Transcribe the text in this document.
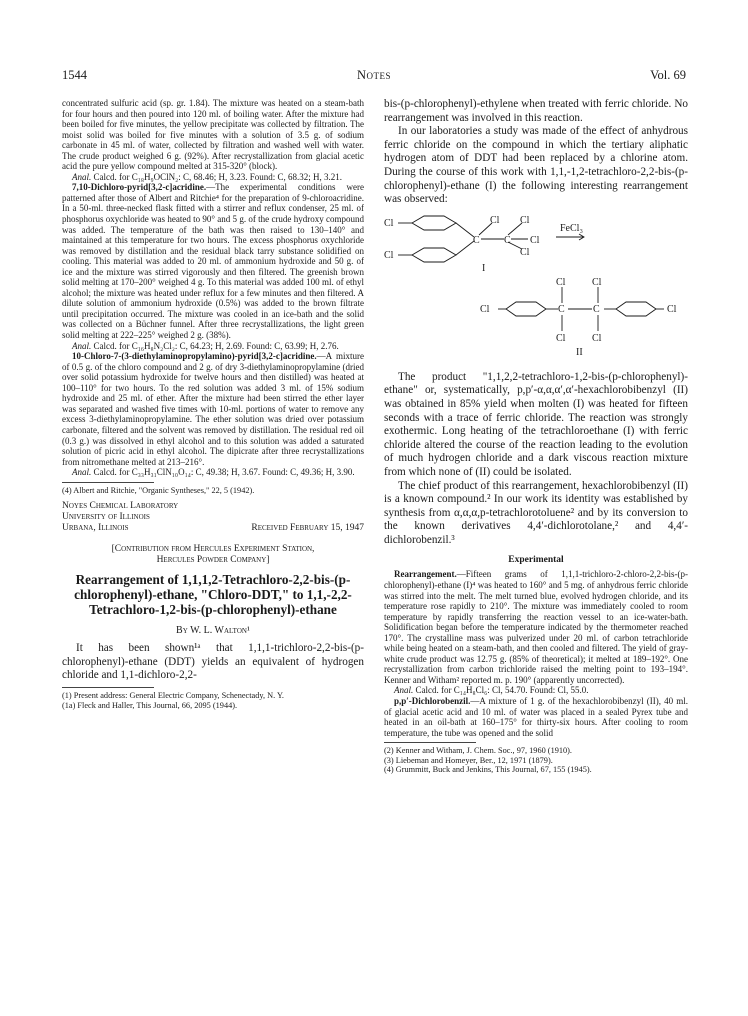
1544	Notes	Vol. 69

concentrated sulfuric acid (sp. gr. 1.84). The mixture was heated on a steam-bath for four hours and then poured into 120 ml. of boiling water. After the mixture had been boiled for five minutes, the yellow precipitate was collected by filtration. The moist solid was boiled for five minutes with a solution of 3.5 g. of sodium carbonate in 45 ml. of water, collected by filtration and washed well with water. The crude product weighed 6 g. (92%). After recrystallization from glacial acetic acid the pure yellow compound melted at 315-320° (block).

Anal. Calcd. for C₁₈H₉OClN₂: C, 68.46; H, 3.23. Found: C, 68.32; H, 3.21.

7,10-Dichloro-pyrid[3,2-c]acridine.—The experimental conditions were patterned after those of Albert and Ritchie⁴ for the preparation of 9-chloroacridine. In a 50-ml. three-necked flask fitted with a stirrer and reflux condenser, 25 ml. of phosphorus oxychloride was heated to 90° and 5 g. of the crude hydroxy compound was added. The temperature of the bath was then raised to 130–140° and maintained at this temperature for two hours. The excess phosphorus oxychloride was removed by distillation and the residual black tarry substance solidified on cooling. This material was added to 20 ml. of ammonium hydroxide and 50 g. of ice and the mixture was stirred vigorously and then filtered. The greenish brown solid melting at 170–200° weighed 4 g. To this material was added 100 ml. of ethyl alcohol; the mixture was heated under reflux for a few minutes and then filtered. A dilute solution of ammonium hydroxide (0.5%) was added to the brown filtrate until precipitation occurred. The mixture was cooled in an ice-bath and the solid was collected on a Büchner funnel. After three recrystallizations, the light green solid melting at 222–225° weighed 2 g. (38%).

Anal. Calcd. for C₁₆H₈N₂Cl₂: C, 64.23; H, 2.69. Found: C, 63.99; H, 2.76.

10-Chloro-7-(3-diethylaminopropylamino)-pyrid[3,2-c]acridine.—A mixture of 0.5 g. of the chloro compound and 2 g. of dry 3-diethylaminopropylamine (dried over solid potassium hydroxide for twelve hours and then distilled) was heated at 100–110° for two hours. To the red solution was added 3 ml. of 15% sodium hydroxide and 25 ml. of ether. After the mixture had been stirred the ether layer was separated and washed five times with 10-ml. portions of water to remove any excess 3-diethylaminopropylamine. The ether solution was dried over potassium carbonate, filtered and the solvent was removed by distillation. The residual red oil (0.3 g.) was dissolved in ethyl alcohol and to this solution was added a saturated solution of picric acid in ethyl alcohol. The dipicrate after three recrystallizations from nitromethane melted at 213–216°.

Anal. Calcd. for C₃₃H₃₁ClN₁₀O₁₄: C, 49.38; H, 3.67. Found: C, 49.36; H, 3.90.

(4) Albert and Ritchie, "Organic Syntheses," 22, 5 (1942).
Noyes Chemical Laboratory
University of Illinois
Urbana, Illinois	Received February 15, 1947
[Contribution from Hercules Experiment Station,
Hercules Powder Company]
Rearrangement of 1,1,1,2-Tetrachloro-2,2-bis-(p-chlorophenyl)-ethane, "Chloro-DDT," to 1,1,-2,2-Tetrachloro-1,2-bis-(p-chlorophenyl)-ethane
By W. L. Walton¹

It has been shown¹ᵃ that 1,1,1-trichloro-2,2-bis-(p-chlorophenyl)-ethane (DDT) yields an equivalent of hydrogen chloride and 1,1-dichloro-2,2-

(1) Present address: General Electric Company, Schenectady, N. Y.
(1a) Fleck and Haller, This Journal, 66, 2095 (1944).

bis-(p-chlorophenyl)-ethylene when treated with ferric chloride. No rearrangement was involved in this reaction.

In our laboratories a study was made of the effect of anhydrous ferric chloride on the compound in which the tertiary aliphatic hydrogen atom of DDT had been replaced by a chlorine atom. During the course of this work with 1,1,-1,2-tetrachloro-2,2-bis-(p-chlorophenyl)-ethane (I) the following interesting rearrangement was observed:

Cl
Cl
C C
Cl Cl
Cl
Cl
FeCl₃
I
Cl	C	C
Cl	Cl
Cl	Cl
Cl
II

The product "1,1,2,2-tetrachloro-1,2-bis-(p-chlorophenyl)-ethane" or, systematically, p,p′-α,α,α′,α′-hexachlorobibenzyl (II) was obtained in 85% yield when molten (I) was heated for fifteen seconds with a trace of ferric chloride. The reaction was strongly exothermic. Long heating of the tetrachloroethane (I) with ferric chloride altered the course of the reaction leading to the evolution of much hydrogen chloride and a dark viscous reaction mixture from which none of (II) could be isolated.

The chief product of this rearrangement, hexachlorobibenzyl (II) is a known compound.² In our work its identity was established by synthesis from α,α,α,p-tetrachlorotoluene² and by its conversion to the known derivatives 4,4′-dichlorotolane,² and 4,4′-dichlorobenzil.³

Experimental

Rearrangement.—Fifteen grams of 1,1,1-trichloro-2-chloro-2,2-bis-(p-chlorophenyl)-ethane (I)⁴ was heated to 160° and 5 mg. of anhydrous ferric chloride was stirred into the melt. The melt turned blue, evolved hydrogen chloride, and its temperature rose rapidly to 210°. The mixture was immediately cooled to room temperature by rapidly transferring the reaction vessel to an ice-water-bath. Solidification began before the temperature indicated by the thermometer reached 170°. The crystalline mass was pulverized under 20 ml. of carbon tetrachloride while being heated on a steam-bath, and then cooled and filtered. The yield of gray-white crude product was 12.75 g. (85% of theoretical); it melted at 189–192°. One recrystallization from carbon trichloride raised the melting point to 193–194°. Kenner and Witham² reported m. p. 190° (apparently uncorrected).

Anal. Calcd. for C₁₄H₈Cl₆: Cl, 54.70. Found: Cl, 55.0.

p,p′-Dichlorobenzil.—A mixture of 1 g. of the hexachlorobibenzyl (II), 40 ml. of glacial acetic acid and 10 ml. of water was placed in a sealed Pyrex tube and heated in an oil-bath at 160–175° for thirty-six hours. After cooling to room temperature, the tube was opened and the solid

(2) Kenner and Witham, J. Chem. Soc., 97, 1960 (1910).
(3) Liebeman and Homeyer, Ber., 12, 1971 (1879).
(4) Grummitt, Buck and Jenkins, This Journal, 67, 155 (1945).
